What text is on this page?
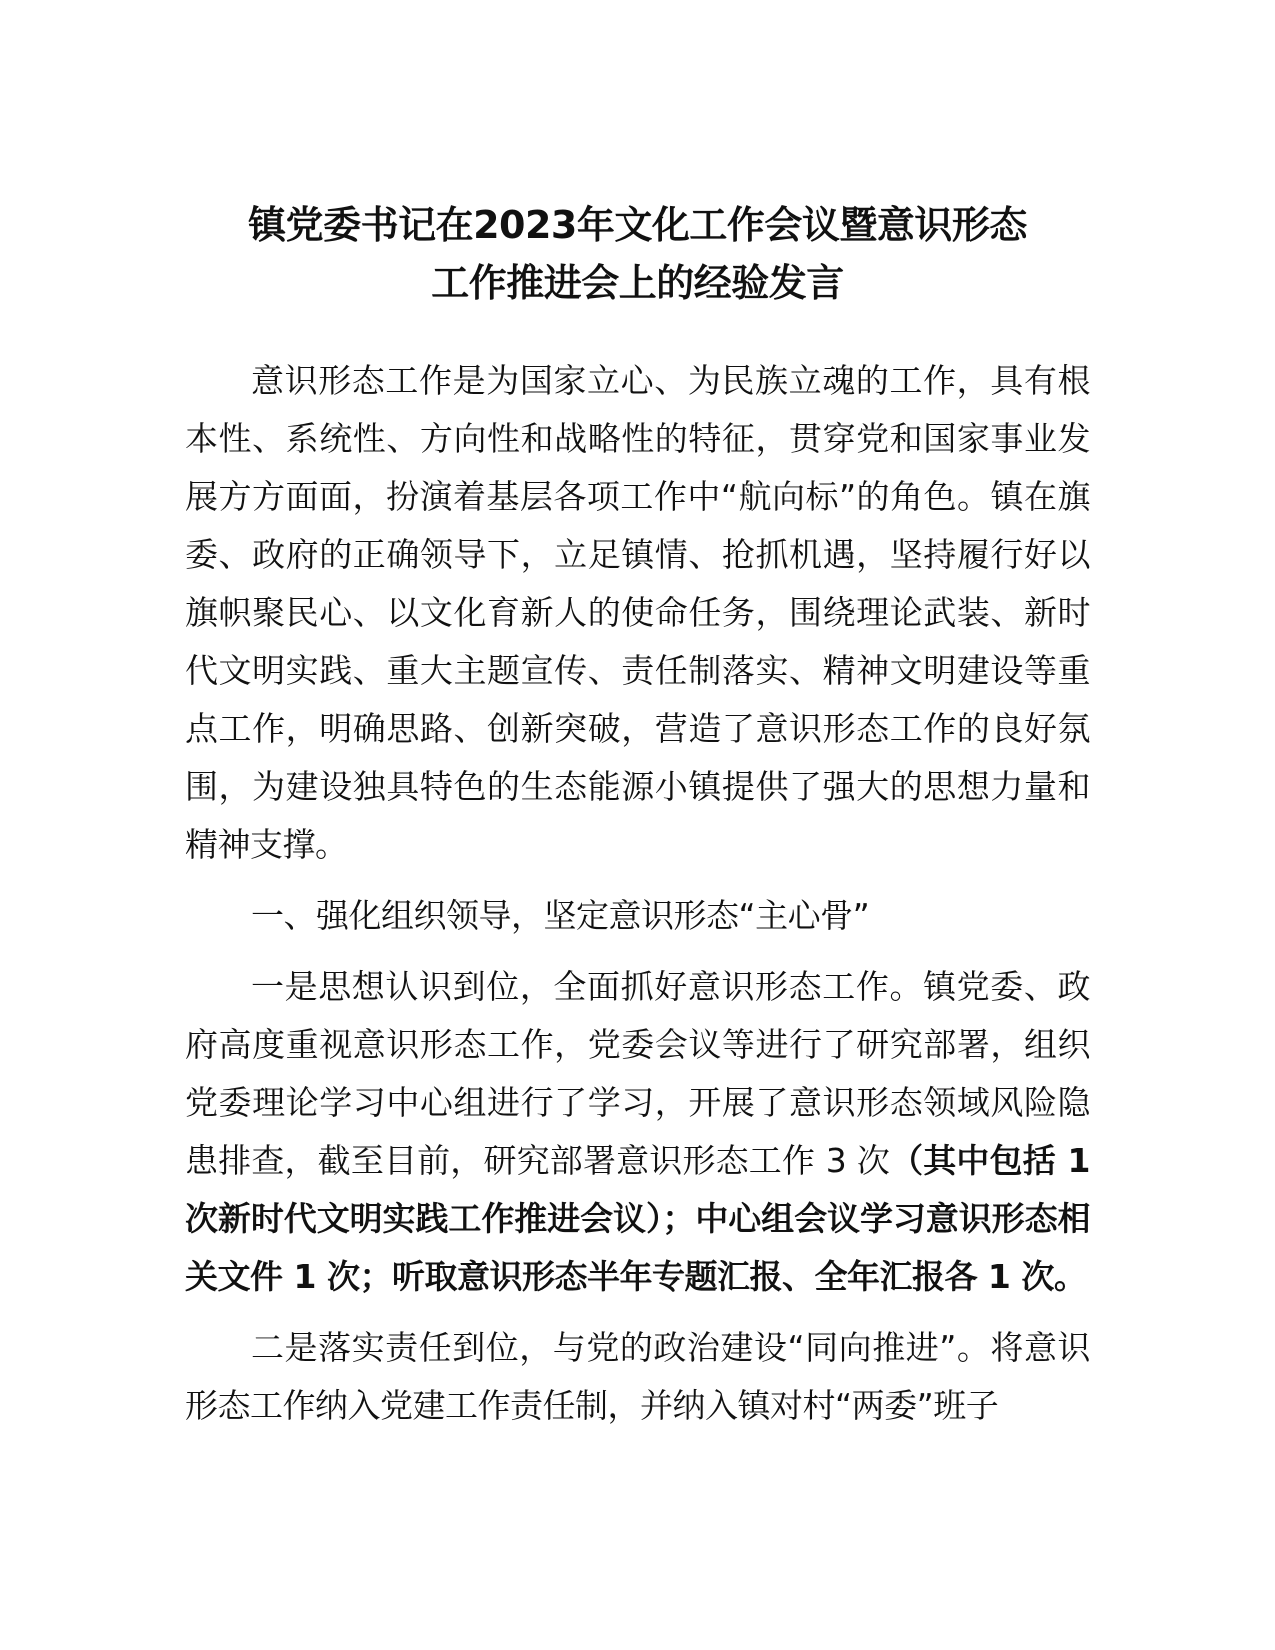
镇党委书记在2023年文化工作会议暨意识形态
工作推进会上的经验发言

意识形态工作是为国家立心、为民族立魂的工作，具有根本性、系统性、方向性和战略性的特征，贯穿党和国家事业发展方方面面，扮演着基层各项工作中“航向标”的角色。镇在旗委、政府的正确领导下，立足镇情、抢抓机遇，坚持履行好以旗帜聚民心、以文化育新人的使命任务，围绕理论武装、新时代文明实践、重大主题宣传、责任制落实、精神文明建设等重点工作，明确思路、创新突破，营造了意识形态工作的良好氛围，为建设独具特色的生态能源小镇提供了强大的思想力量和精神支撑。

一、强化组织领导，坚定意识形态“主心骨”

一是思想认识到位，全面抓好意识形态工作。镇党委、政府高度重视意识形态工作，党委会议等进行了研究部署，组织党委理论学习中心组进行了学习，开展了意识形态领域风险隐患排查，截至目前，研究部署意识形态工作 3 次（其中包括 1 次新时代文明实践工作推进会议）；中心组会议学习意识形态相关文件 1 次；听取意识形态半年专题汇报、全年汇报各 1 次。

二是落实责任到位，与党的政治建设“同向推进”。将意识形态工作纳入党建工作责任制，并纳入镇对村“两委”班子
